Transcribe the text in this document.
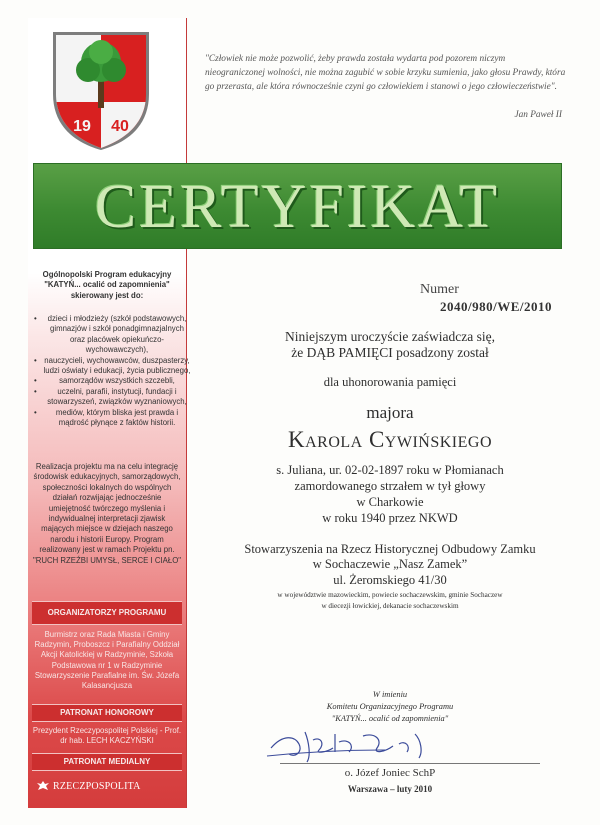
19 40
"Człowiek nie może pozwolić, żeby prawda została wydarta pod pozorem niczym nieograniczonej wolności, nie można zagubić w sobie krzyku sumienia, jako głosu Prawdy, która go przerasta, ale która równocześnie czyni go człowiekiem i stanowi o jego człowieczeństwie".
Jan Paweł II
CERTYFIKAT
Ogólnopolski Program edukacyjny "KATYŃ... ocalić od zapomnienia" skierowany jest do:
• dzieci i młodzieży (szkół podstawowych, gimnazjów i szkół ponadgimnazjalnych oraz placówek opiekuńczo-wychowawczych),
• nauczycieli, wychowawców, duszpasterzy, ludzi oświaty i edukacji, życia publicznego,
• samorządów wszystkich szczebli,
• uczelni, parafii, instytucji, fundacji i stowarzyszeń, związków wyznaniowych,
• mediów, którym bliska jest prawda i mądrość płynące z faktów historii.
Realizacja projektu ma na celu integrację środowisk edukacyjnych, samorządowych, społeczności lokalnych do wspólnych działań rozwijając jednocześnie umiejętność twórczego myślenia i indywidualnej interpretacji zjawisk mających miejsce w dziejach naszego narodu i historii Europy. Program realizowany jest w ramach Projektu pn. "RUCH RZEŹBI UMYSŁ, SERCE I CIAŁO"
ORGANIZATORZY PROGRAMU
Burmistrz oraz Rada Miasta i Gminy Radzymin, Proboszcz i Parafialny Oddział Akcji Katolickiej w Radzyminie, Szkoła Podstawowa nr 1 w Radzyminie Stowarzyszenie Parafialne im. Św. Józefa Kalasancjusza
PATRONAT HONOROWY
Prezydent Rzeczypospolitej Polskiej - Prof. dr hab. LECH KACZYŃSKI
PATRONAT MEDIALNY
RZECZPOSPOLITA
Numer
2040/980/WE/2010
Niniejszym uroczyście zaświadcza się,
że DĄB PAMIĘCI posadzony został
dla uhonorowania pamięci
majora
Karola Cywińskiego
s. Juliana, ur. 02-02-1897 roku w Płomianach
zamordowanego strzałem w tył głowy
w Charkowie
w roku 1940 przez NKWD
Stowarzyszenia na Rzecz Historycznej Odbudowy Zamku
w Sochaczewie „Nasz Zamek”
ul. Żeromskiego 41/30
w województwie mazowieckim, powiecie sochaczewskim, gminie Sochaczew
w diecezji łowickiej, dekanacie sochaczewskim
W imieniu
Komitetu Organizacyjnego Programu
"KATYŃ... ocalić od zapomnienia"
o. Józef Joniec SchP
Warszawa – luty 2010
